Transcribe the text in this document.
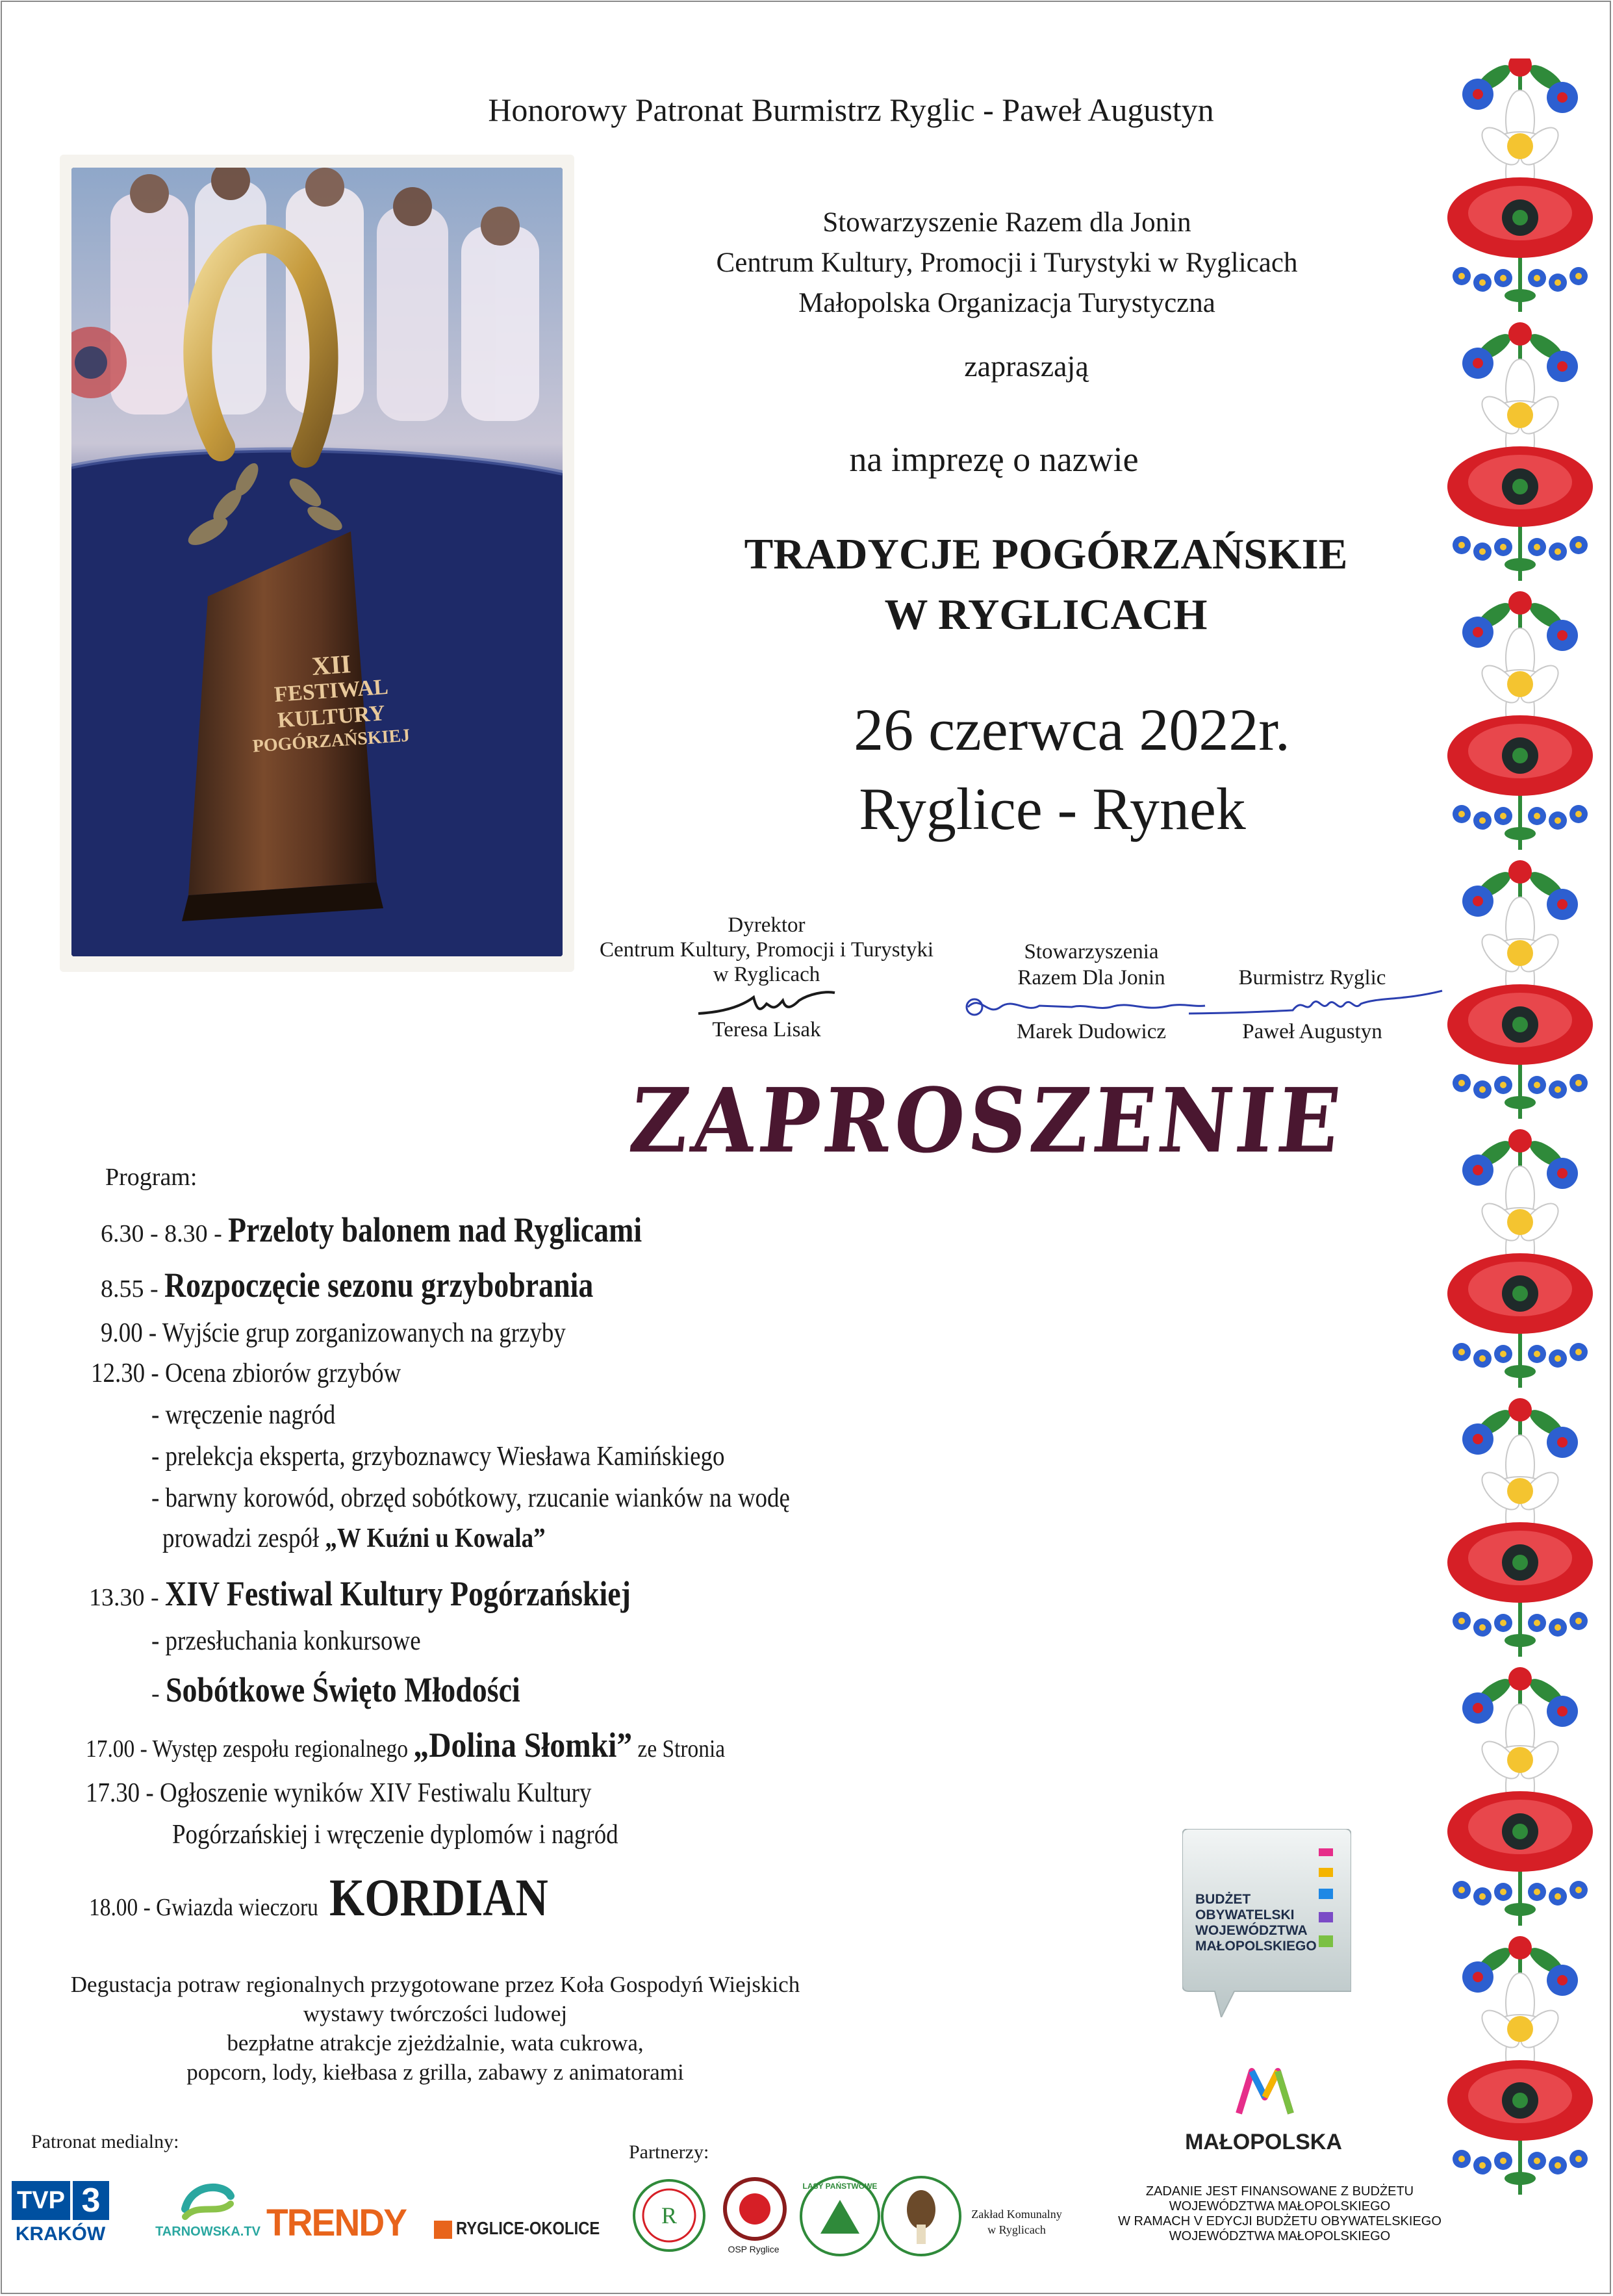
Honorowy Patronat Burmistrz Ryglic - Paweł Augustyn
Stowarzyszenie Razem dla Jonin
Centrum Kultury, Promocji i Turystyki w Ryglicach
Małopolska Organizacja Turystyczna
zapraszają
na imprezę o nazwie
TRADYCJE POGÓRZAŃSKIE
W RYGLICACH
26 czerwca 2022r.
Ryglice - Rynek
XII
FESTIWAL
KULTURY
POGÓRZAŃSKIEJ
Dyrektor
Centrum Kultury, Promocji i Turystyki
w Ryglicach
Teresa Lisak
Stowarzyszenia
Razem Dla Jonin
Marek Dudowicz
Burmistrz Ryglic
Paweł Augustyn
ZAPROSZENIE
Program:
6.30 - 8.30 - Przeloty balonem nad Ryglicami
8.55 - Rozpoczęcie sezonu grzybobrania
9.00 - Wyjście grup zorganizowanych na grzyby
12.30 - Ocena zbiorów grzybów
- wręczenie nagród
- prelekcja eksperta, grzyboznawcy Wiesława Kamińskiego
- barwny korowód, obrzęd sobótkowy, rzucanie wianków na wodę
prowadzi zespół „W Kuźni u Kowala”
13.30 - XIV Festiwal Kultury Pogórzańskiej
- przesłuchania konkursowe
- Sobótkowe Święto Młodości
17.00 - Występ zespołu regionalnego „Dolina Słomki” ze Stronia
17.30 - Ogłoszenie wyników XIV Festiwalu Kultury
Pogórzańskiej i wręczenie dyplomów i nagród
18.00 - Gwiazda wieczoru KORDIAN
Degustacja potraw regionalnych przygotowane przez Koła Gospodyń Wiejskich
wystawy twórczości ludowej
bezpłatne atrakcje zjeżdżalnie, wata cukrowa,
popcorn, lody, kiełbasa z grilla, zabawy z animatorami
BUDŻET
OBYWATELSKI
WOJEWÓDZTWA
MAŁOPOLSKIEGO
MAŁOPOLSKA
ZADANIE JEST FINANSOWANE Z BUDŻETU
WOJEWÓDZTWA MAŁOPOLSKIEGO
W RAMACH V EDYCJI BUDŻETU OBYWATELSKIEGO
WOJEWÓDZTWA MAŁOPOLSKIEGO
Patronat medialny:
TVP 3
KRAKÓW	TARNOWSKA.TV TRENDY	RYGLICE-OKOLICE
Partnerzy:
R
OSP Ryglice
LASY PAŃSTWOWE
Zakład Komunalny
w Ryglicach
